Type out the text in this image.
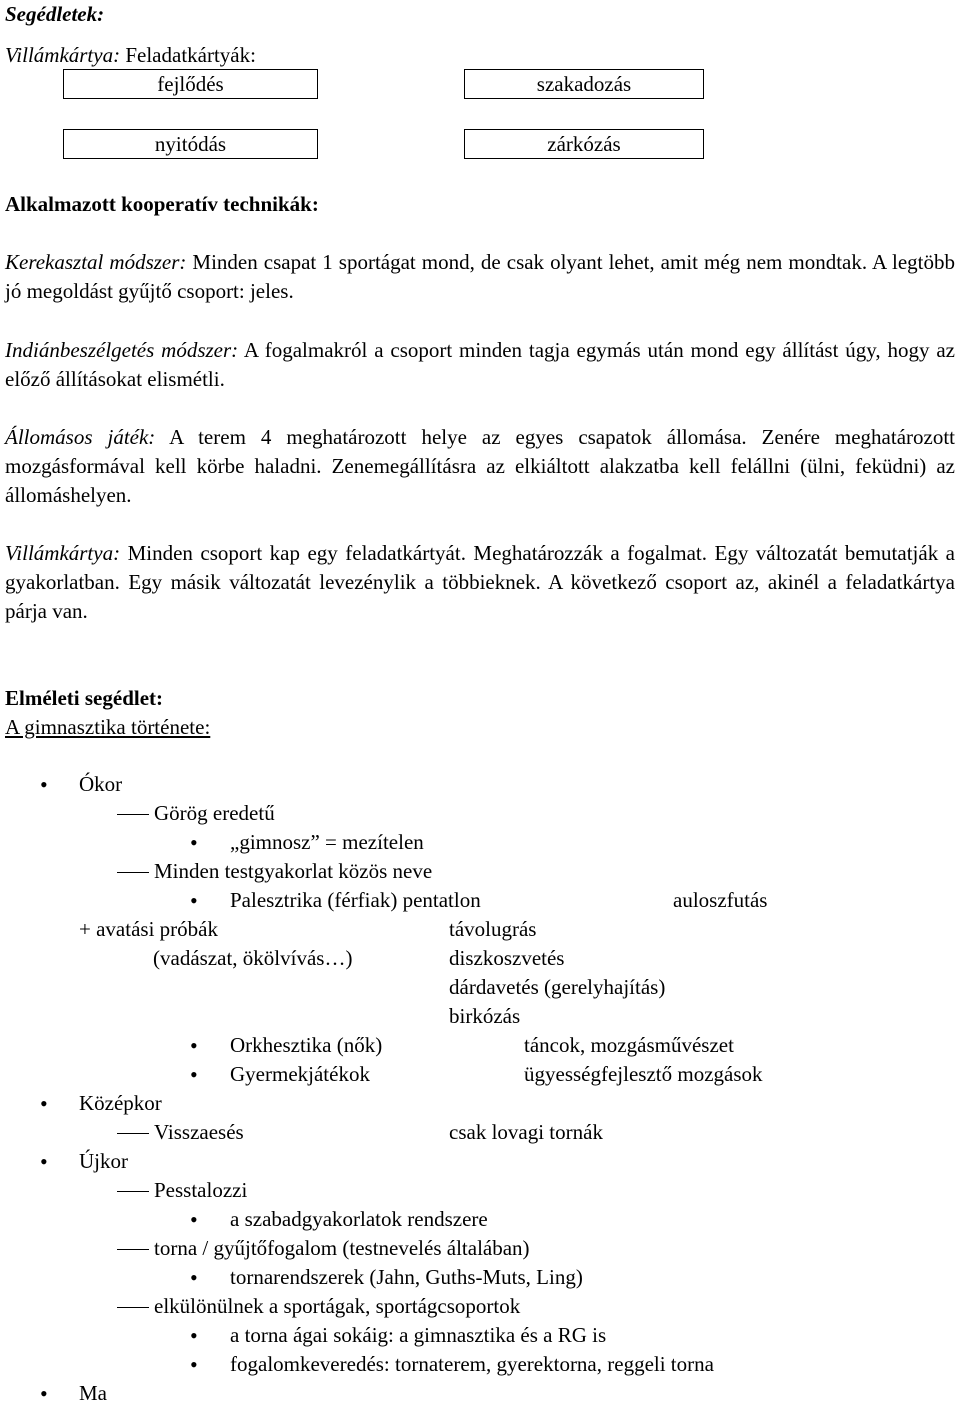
Segédletek:
Villámkártya: Feladatkártyák:
fejlődés	szakadozás
nyitódás	zárkózás
Alkalmazott kooperatív technikák:
Kerekasztal módszer: Minden csapat 1 sportágat mond, de csak olyant lehet, amit még nem mondtak. A legtöbb jó megoldást gyűjtő csoport: jeles.
Indiánbeszélgetés módszer: A fogalmakról a csoport minden tagja egymás után mond egy állítást úgy, hogy az előző állításokat elismétli.
Állomásos játék: A terem 4 meghatározott helye az egyes csapatok állomása. Zenére meghatározott mozgásformával kell körbe haladni. Zenemegállításra az elkiáltott alakzatba kell felállni (ülni, feküdni) az állomáshelyen.
Villámkártya: Minden csoport kap egy feladatkártyát. Meghatározzák a fogalmat. Egy változatát bemutatják a gyakorlatban. Egy másik változatát levezénylik a többieknek. A következő csoport az, akinél a feladatkártya párja van.
Elméleti segédlet:
A gimnasztika története:
• Ókor
Görög eredetű
• „gimnosz” = mezítelen
Minden testgyakorlat közös neve
• Palesztrika (férfiak) pentatlon	auloszfutás
+ avatási próbák	távolugrás
(vadászat, ökölvívás…)	diszkoszvetés
dárdavetés (gerelyhajítás)
birkózás
• Orkhesztika (nők)	táncok, mozgásművészet
• Gyermekjátékok	ügyességfejlesztő mozgások
• Középkor
Visszaesés	csak lovagi tornák
• Újkor
Pesstalozzi
• a szabadgyakorlatok rendszere
torna / gyűjtőfogalom (testnevelés általában)
• tornarendszerek (Jahn, Guths-Muts, Ling)
elkülönülnek a sportágak, sportágcsoportok
• a torna ágai sokáig: a gimnasztika és a RG is
• fogalomkeveredés: tornaterem, gyerektorna, reggeli torna
• Ma
